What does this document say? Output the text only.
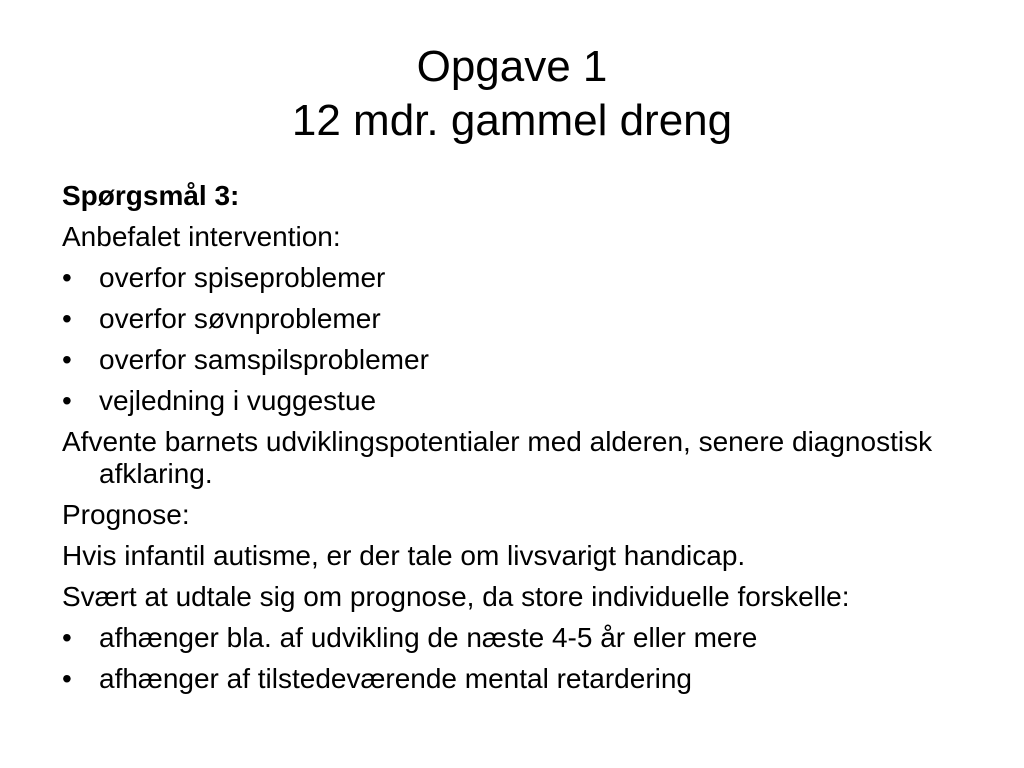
Opgave 1
12 mdr. gammel dreng
Spørgsmål 3:
Anbefalet intervention:
• overfor spiseproblemer
• overfor søvnproblemer
• overfor samspilsproblemer
• vejledning i vuggestue
Afvente barnets udviklingspotentialer med alderen, senere diagnostisk afklaring.
Prognose:
Hvis infantil autisme, er der tale om livsvarigt handicap.
Svært at udtale sig om prognose, da store individuelle forskelle:
• afhænger bla. af udvikling de næste 4-5 år eller mere
• afhænger af tilstedeværende mental retardering
